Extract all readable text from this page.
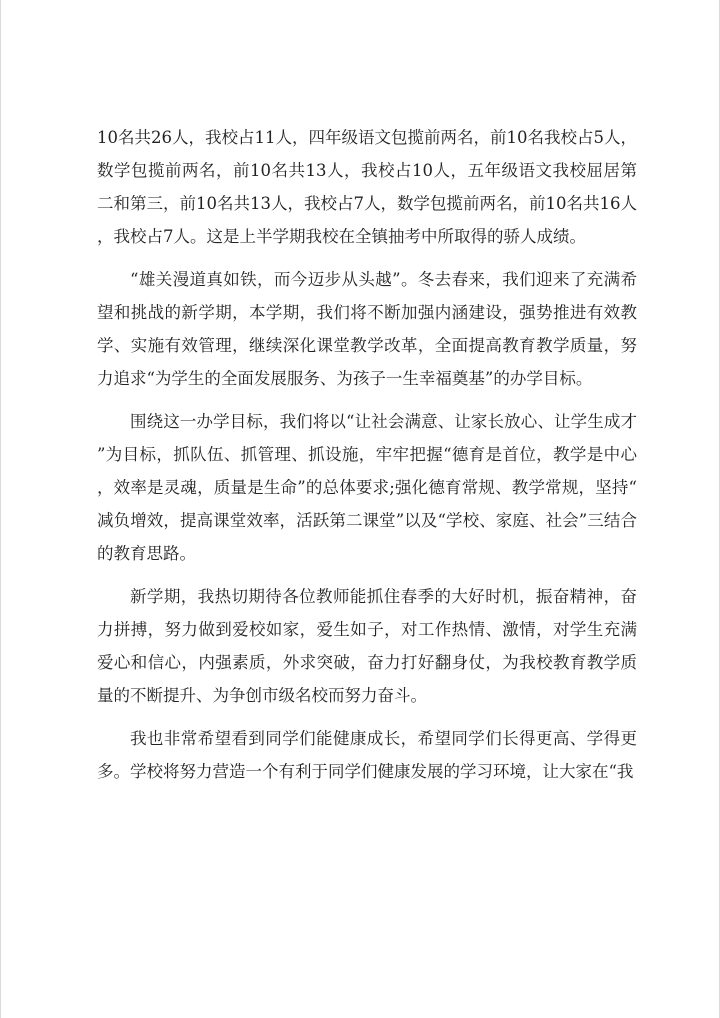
10名共26人，我校占11人，四年级语文包揽前两名，前10名我校占5人，数学包揽前两名，前10名共13人，我校占10人，五年级语文我校屈居第二和第三，前10名共13人，我校占7人，数学包揽前两名，前10名共16人，我校占7人。这是上半学期我校在全镇抽考中所取得的骄人成绩。

“雄关漫道真如铁，而今迈步从头越”。冬去春来，我们迎来了充满希望和挑战的新学期，本学期，我们将不断加强内涵建设，强势推进有效教学、实施有效管理，继续深化课堂教学改革，全面提高教育教学质量，努力追求“为学生的全面发展服务、为孩子一生幸福奠基”的办学目标。

围绕这一办学目标，我们将以“让社会满意、让家长放心、让学生成才”为目标，抓队伍、抓管理、抓设施，牢牢把握“德育是首位，教学是中心，效率是灵魂，质量是生命”的总体要求;强化德育常规、教学常规，坚持“减负增效，提高课堂效率，活跃第二课堂”以及“学校、家庭、社会”三结合的教育思路。

新学期，我热切期待各位教师能抓住春季的大好时机，振奋精神，奋力拼搏，努力做到爱校如家，爱生如子，对工作热情、激情，对学生充满爱心和信心，内强素质，外求突破，奋力打好翻身仗，为我校教育教学质量的不断提升、为争创市级名校而努力奋斗。

我也非常希望看到同学们能健康成长，希望同学们长得更高、学得更多。学校将努力营造一个有利于同学们健康发展的学习环境，让大家在“我
